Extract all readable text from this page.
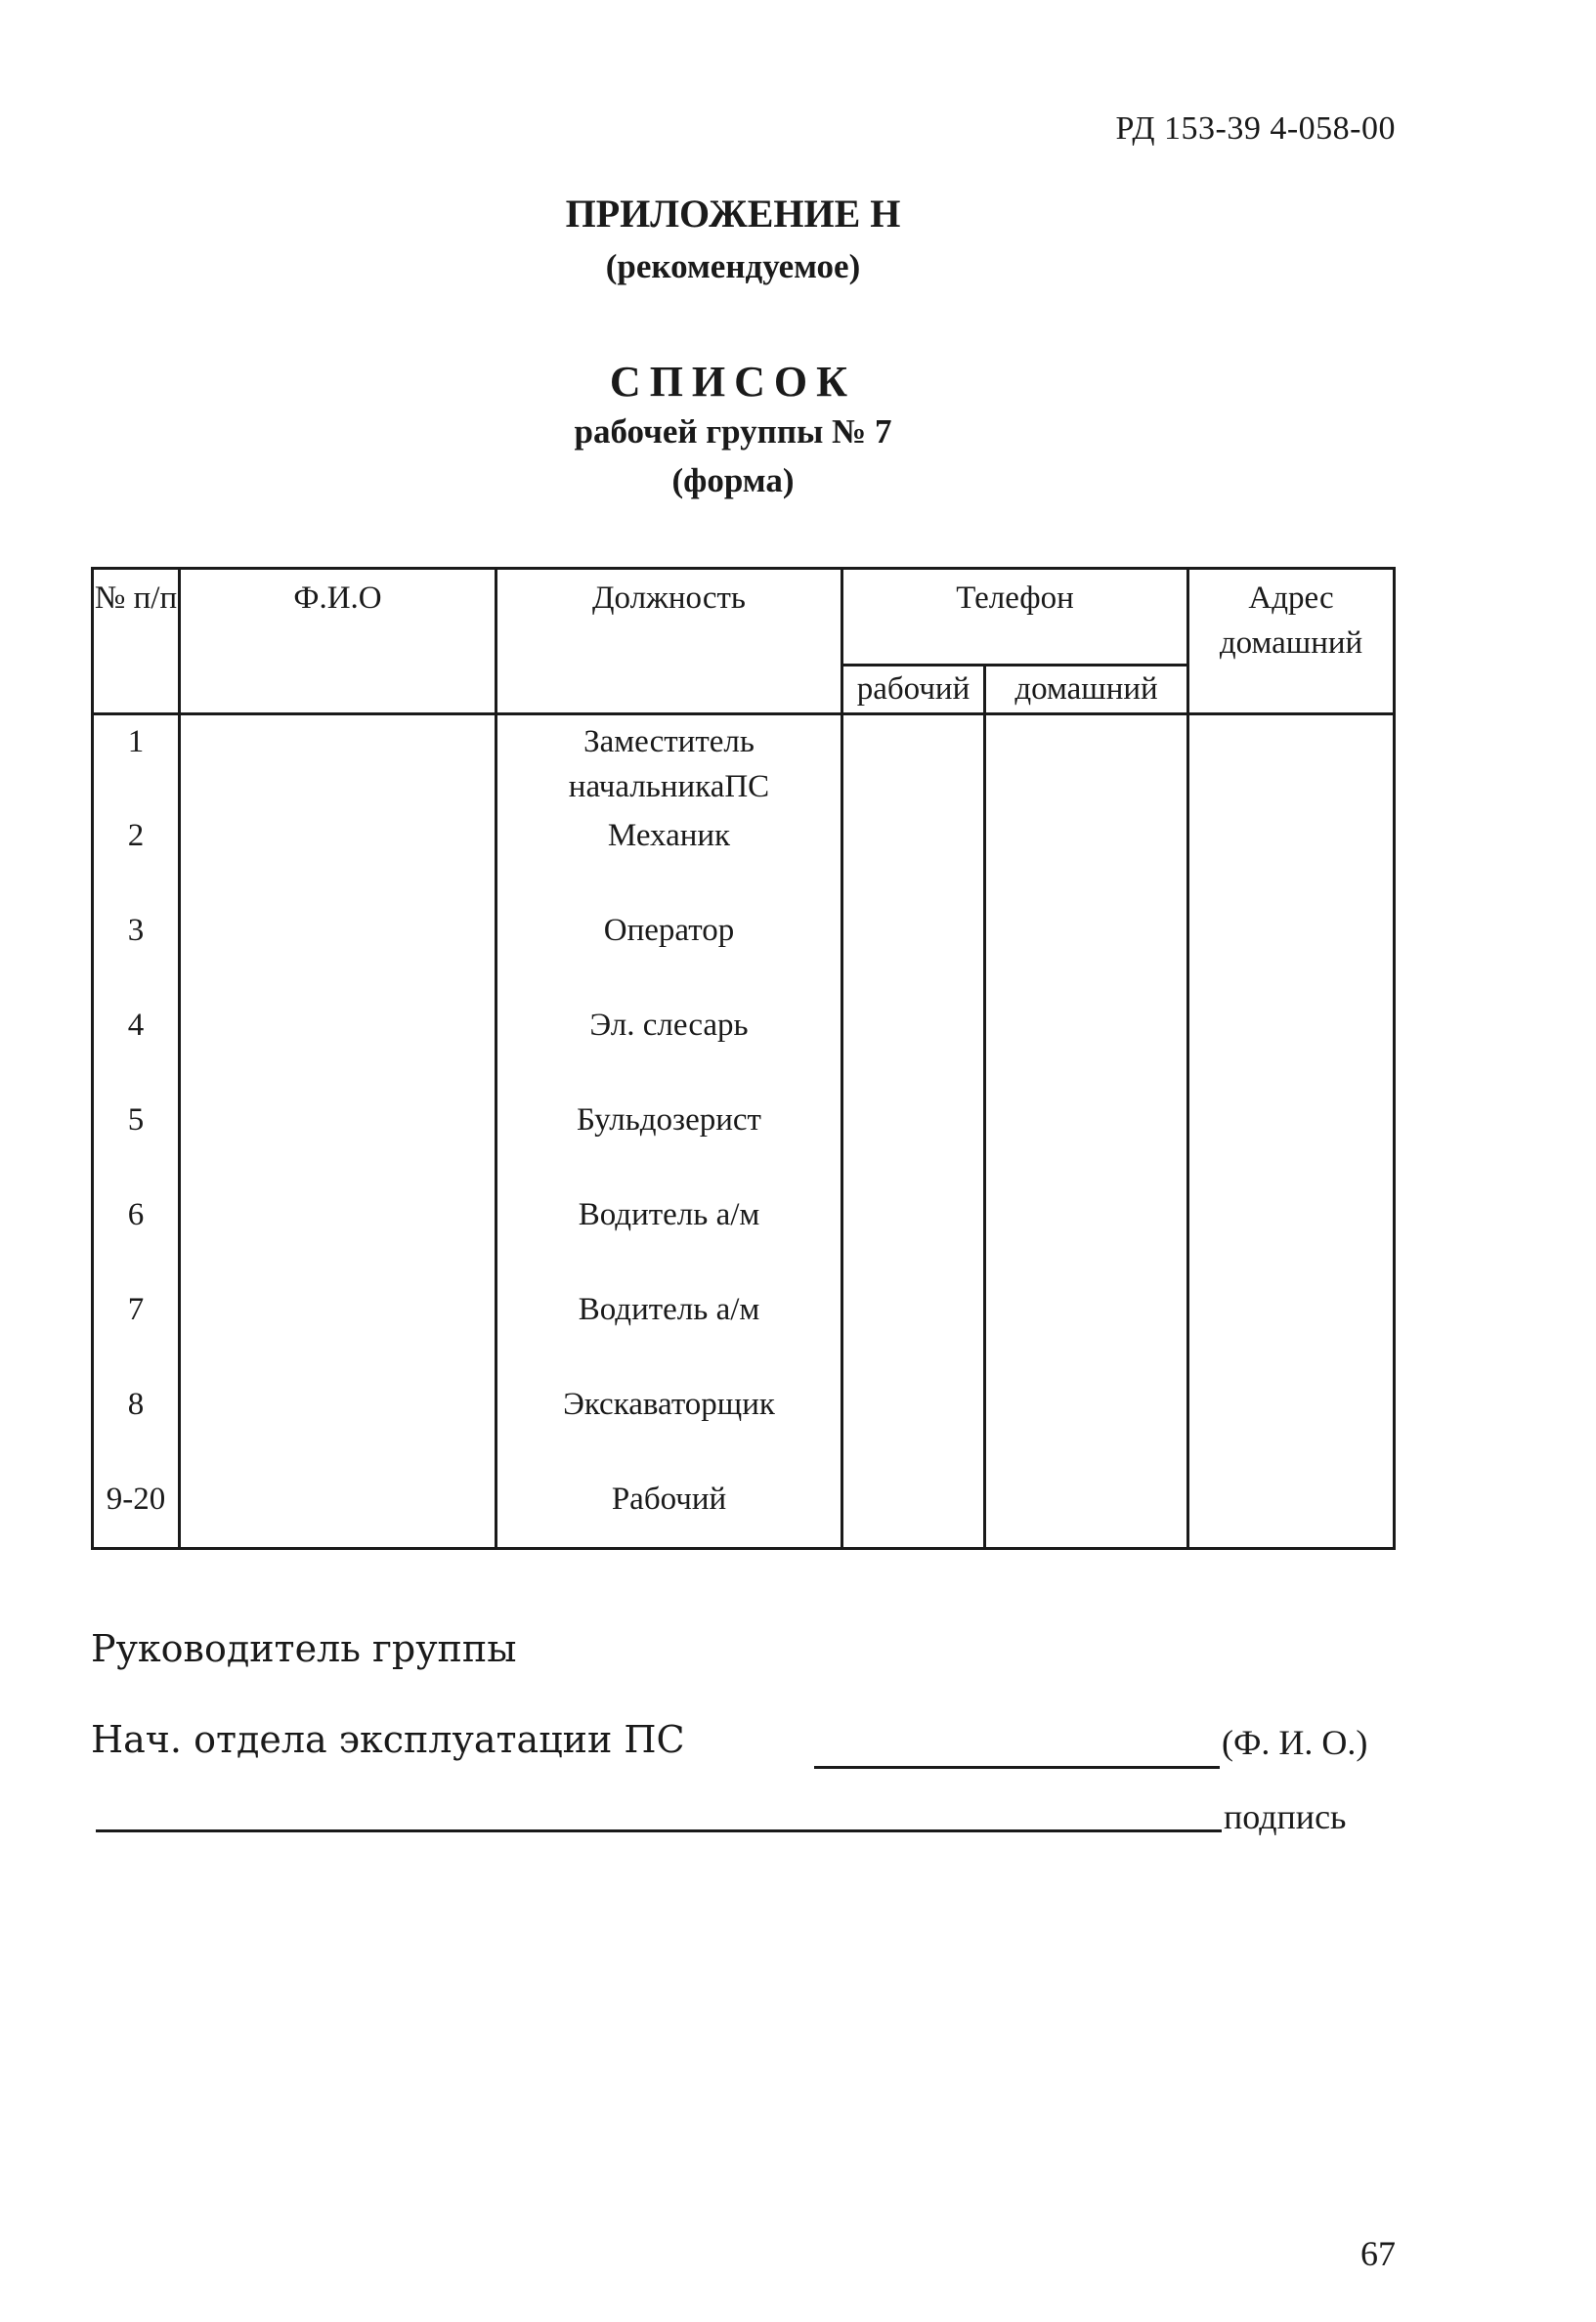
РД 153-39 4-058-00
ПРИЛОЖЕНИЕ Н
(рекомендуемое)
СПИСОК
рабочей группы № 7
(форма)
№ п/п	Ф.И.О	Должность	Телефон		Адрес домашний
			рабочий	домашний	
1		Заместитель начальникаПС			
2		Механик			
3		Оператор			
4		Эл. слесарь			
5		Бульдозерист			
6		Водитель а/м			
7		Водитель а/м			
8		Экскаваторщик			
9-20		Рабочий			
Руководитель группы
Нач. отдела эксплуатации ПС	(Ф. И. О.)
подпись
67
